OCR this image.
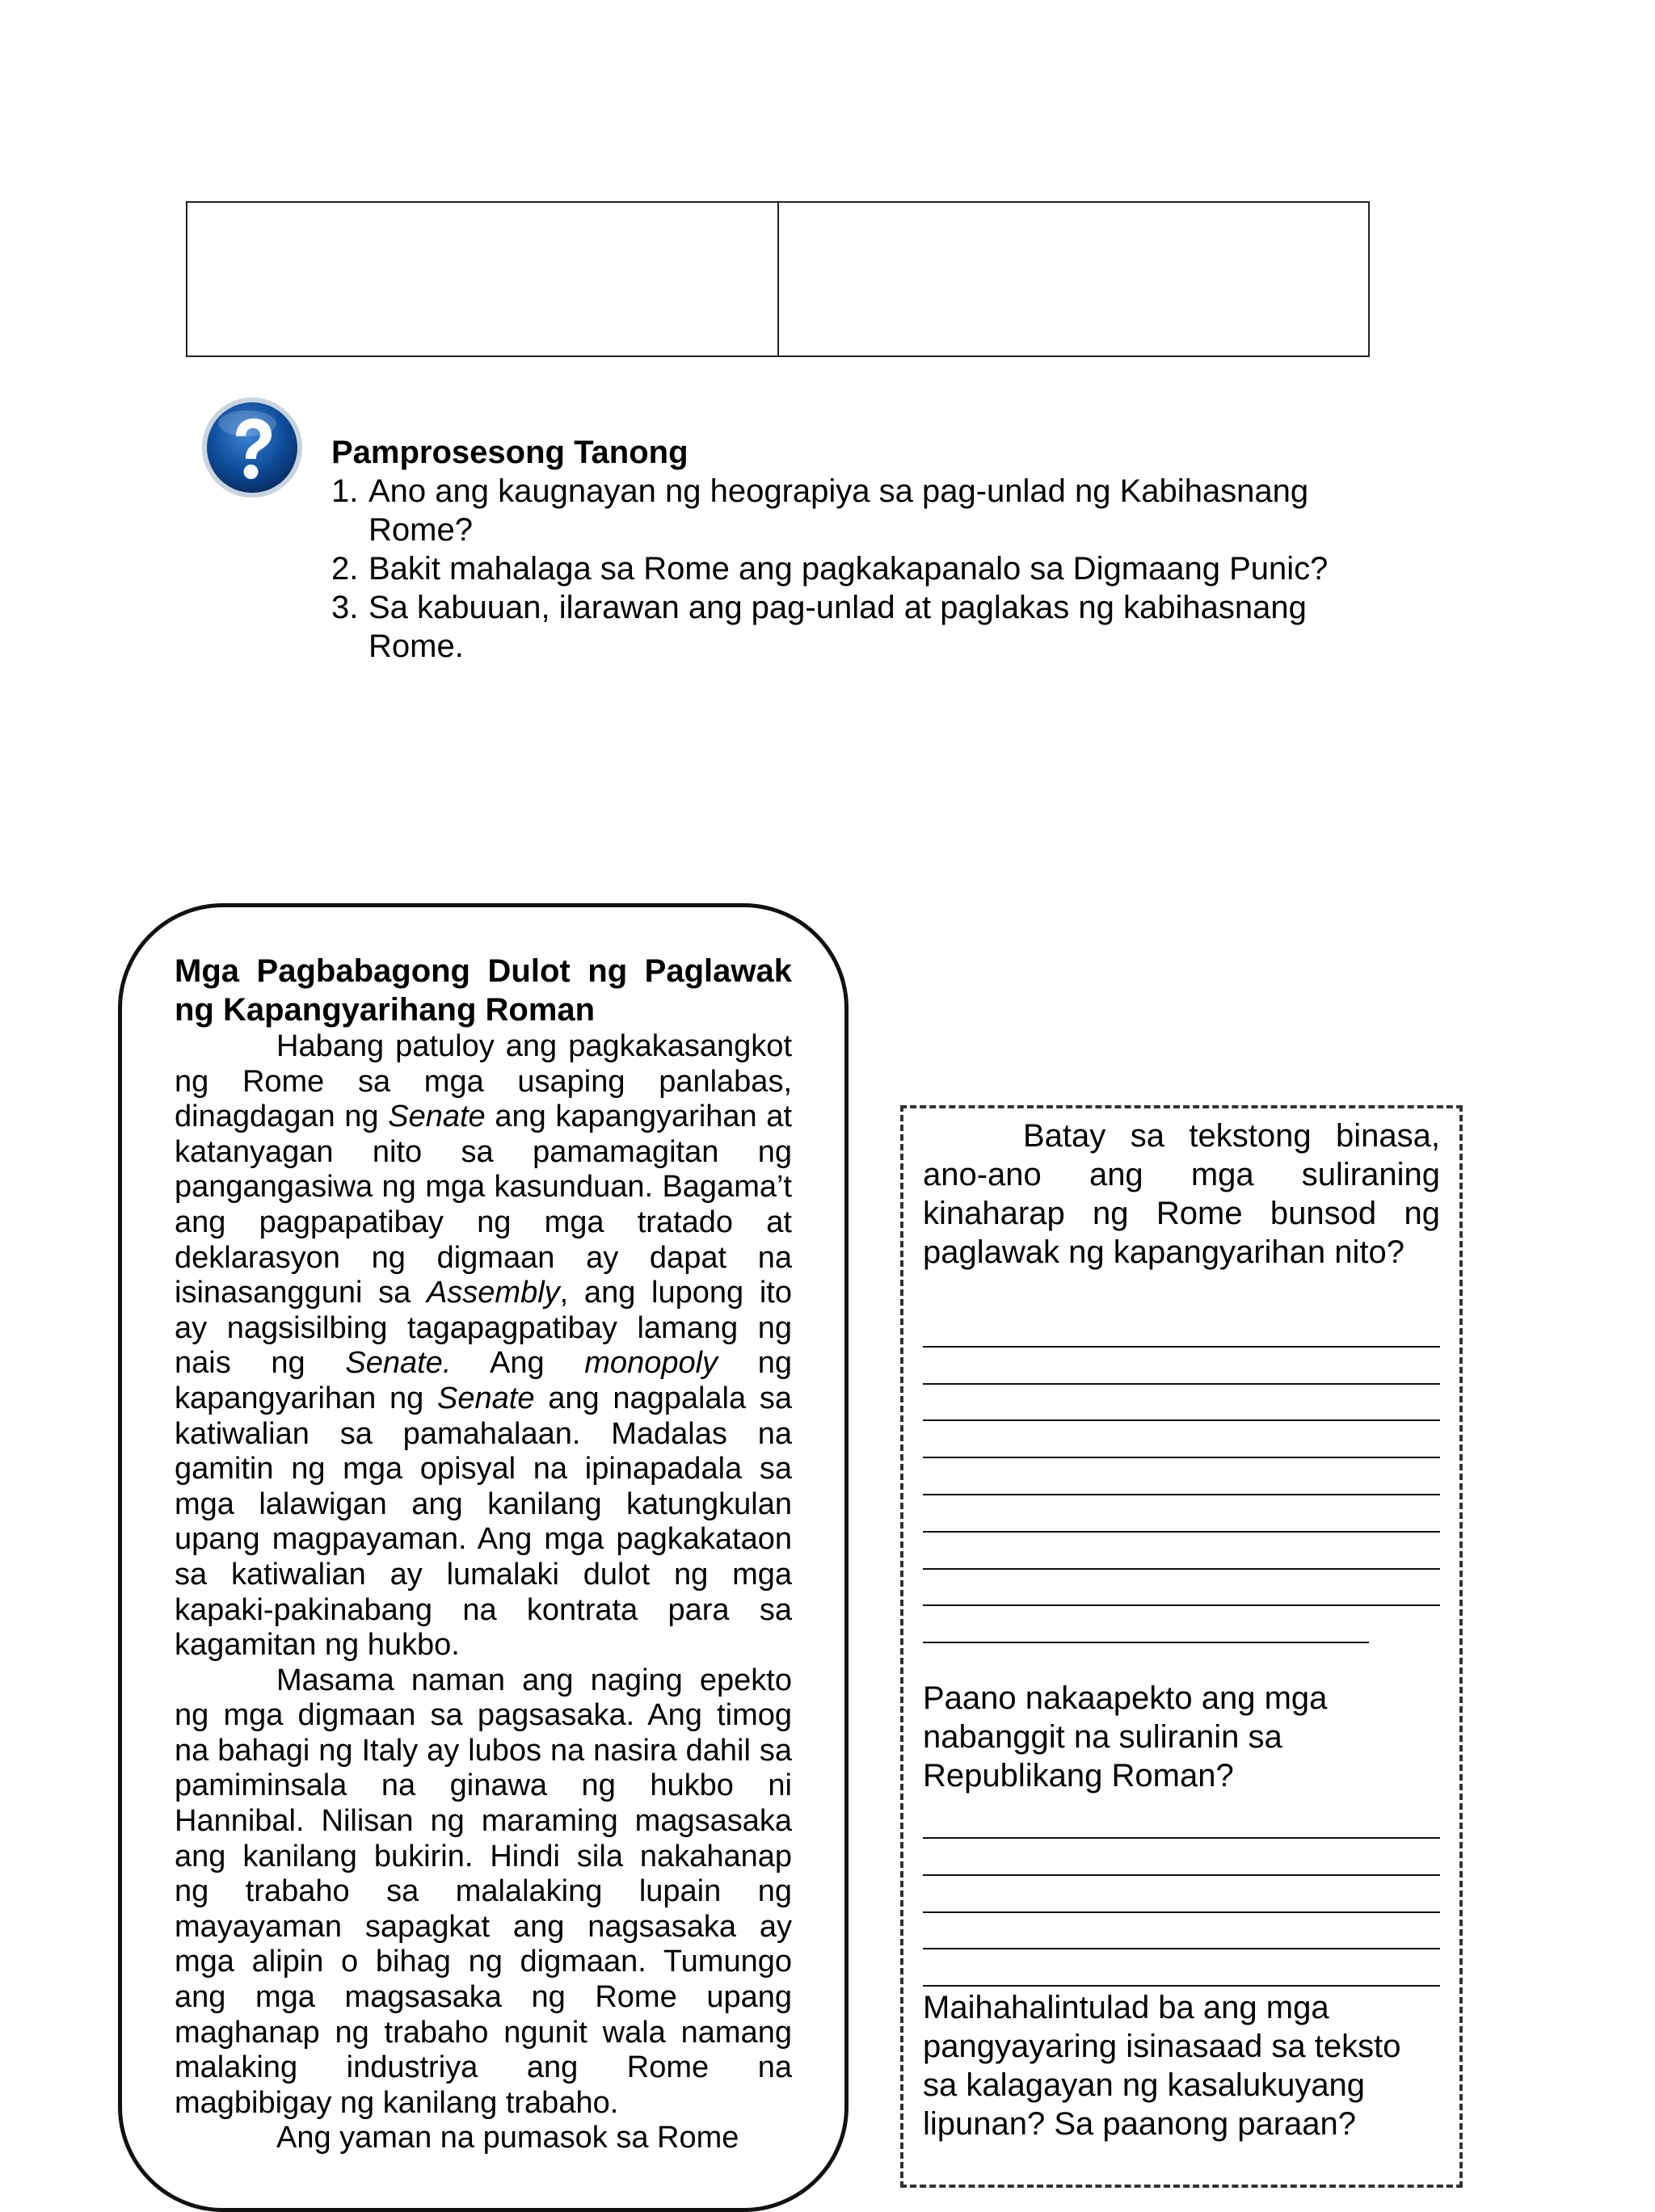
Pamprosesong Tanong
1. Ano ang kaugnayan ng heograpiya sa pag-unlad ng Kabihasnang Rome?
2. Bakit mahalaga sa Rome ang pagkakapanalo sa Digmaang Punic?
3. Sa kabuuan, ilarawan ang pag-unlad at paglakas ng kabihasnang Rome.
Mga Pagbabagong Dulot ng Paglawak ng Kapangyarihang Roman

Habang patuloy ang pagkakasangkot ng Rome sa mga usaping panlabas, dinagdagan ng Senate ang kapangyarihan at katanyagan nito sa pamamagitan ng pangangasiwa ng mga kasunduan. Bagama’t ang pagpapatibay ng mga tratado at deklarasyon ng digmaan ay dapat na isinasangguni sa Assembly, ang lupong ito ay nagsisilbing tagapagpatibay lamang ng nais ng Senate. Ang monopoly ng kapangyarihan ng Senate ang nagpalala sa katiwalian sa pamahalaan. Madalas na gamitin ng mga opisyal na ipinapadala sa mga lalawigan ang kanilang katungkulan upang magpayaman. Ang mga pagkakataon sa katiwalian ay lumalaki dulot ng mga kapaki-pakinabang na kontrata para sa kagamitan ng hukbo.

Masama naman ang naging epekto ng mga digmaan sa pagsasaka. Ang timog na bahagi ng Italy ay lubos na nasira dahil sa pamiminsala na ginawa ng hukbo ni Hannibal. Nilisan ng maraming magsasaka ang kanilang bukirin. Hindi sila nakahanap ng trabaho sa malalaking lupain ng mayayaman sapagkat ang nagsasaka ay mga alipin o bihag ng digmaan. Tumungo ang mga magsasaka ng Rome upang maghanap ng trabaho ngunit wala namang malaking industriya ang Rome na magbibigay ng kanilang trabaho.

Ang yaman na pumasok sa Rome

Batay sa tekstong binasa, ano-ano ang mga suliraning kinaharap ng Rome bunsod ng paglawak ng kapangyarihan nito?

Paano nakaapekto ang mga nabanggit na suliranin sa Republikang Roman?

Maihahalintulad ba ang mga pangyayaring isinasaad sa teksto sa kalagayan ng kasalukuyang lipunan? Sa paanong paraan?
